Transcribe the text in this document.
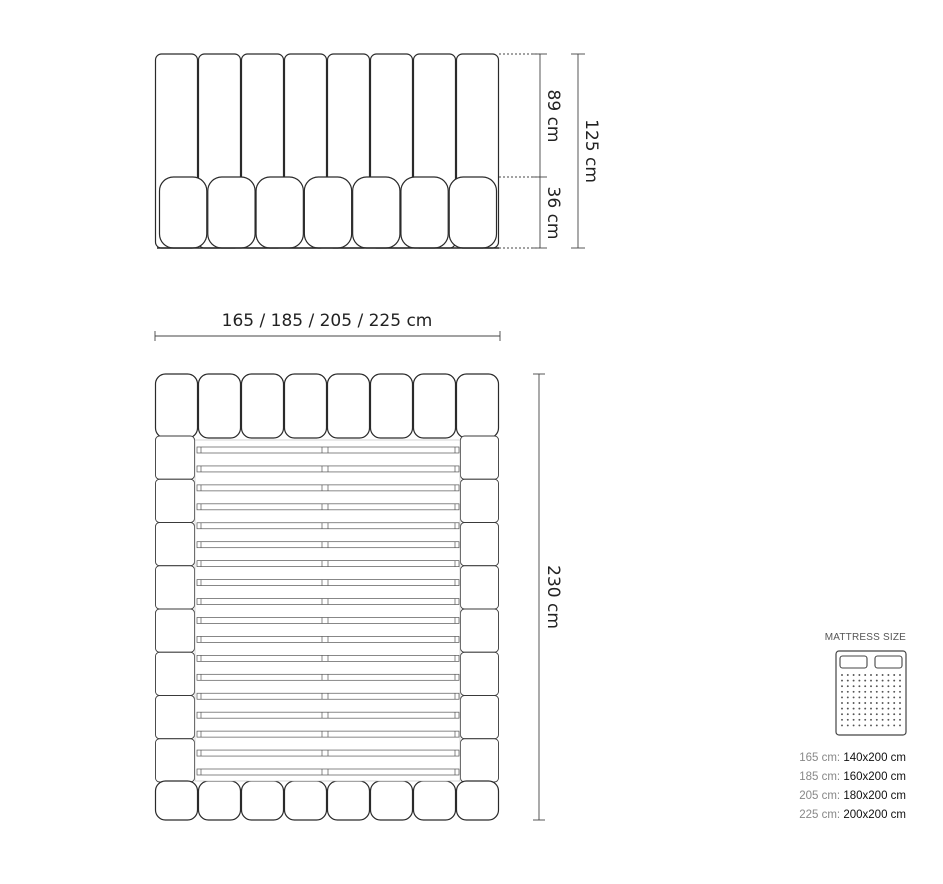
89 cm
36 cm
125 cm
165 / 185 / 205 / 225 cm
230 cm
MATTRESS SIZE
165 cm: 140x200 cm
185 cm: 160x200 cm
205 cm: 180x200 cm
225 cm: 200x200 cm
